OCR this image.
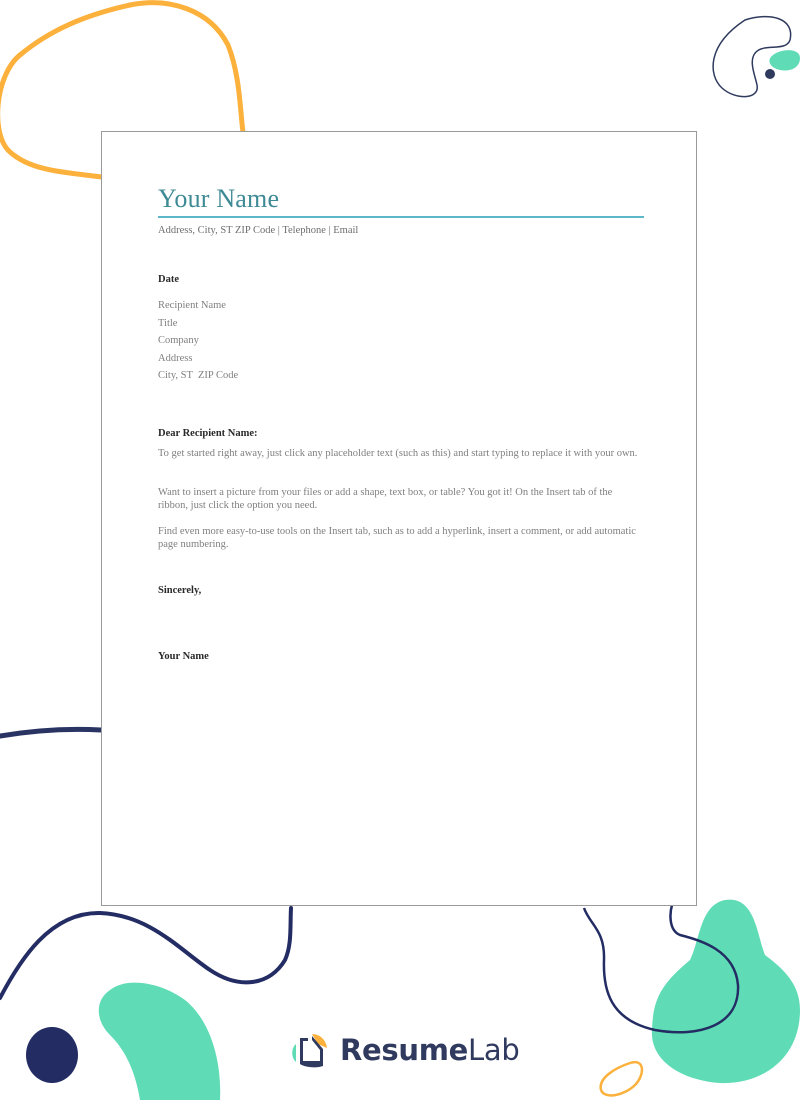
Your Name
Address, City, ST ZIP Code | Telephone | Email
Date
Recipient Name
Title
Company
Address
City, ST  ZIP Code
Dear Recipient Name:
To get started right away, just click any placeholder text (such as this) and start typing to replace it with your own.
Want to insert a picture from your files or add a shape, text box, or table? You got it! On the Insert tab of the ribbon, just click the option you need.
Find even more easy-to-use tools on the Insert tab, such as to add a hyperlink, insert a comment, or add automatic page numbering.
Sincerely,
Your Name
ResumeLab
